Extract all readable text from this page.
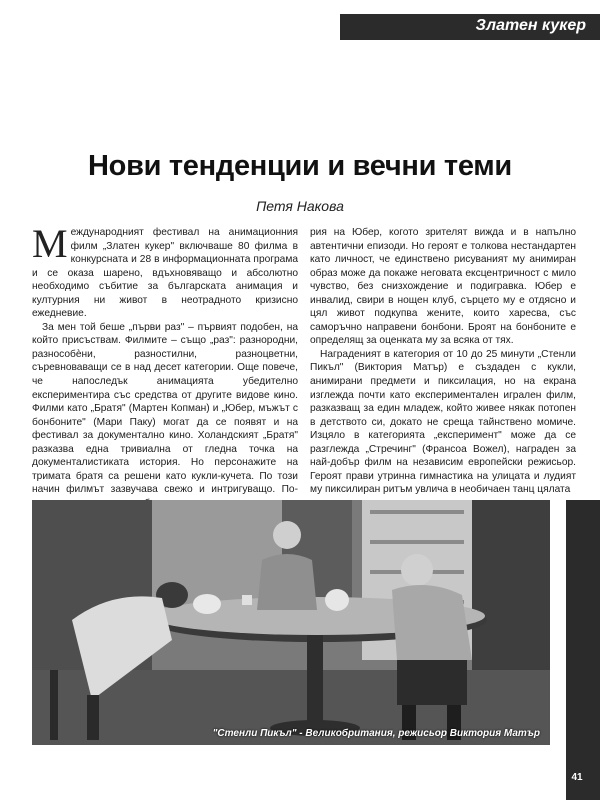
Златен кукер
Нови тенденции и вечни теми
Петя Накова

Международният фестивал на анимационния филм „Златен кукер" включваше 80 филма в конкурсната и 28 в информационната програма и се оказа шарено, вдъхновяващо и абсолютно необходимо събитие за българската анимация и културния ни живот в неотрадното кризисно ежедневие.

За мен той беше „първи раз" – първият подобен, на който присъствам. Филмите – също „раз": разнородни, разнособѐни, разностилни, разноцветни, съревноваващи се в над десет категории. Още повече, че напоследък анимацията убедително експериментира със средства от другите видове кино. Филми като „Братя" (Мартен Копман) и „Юбер, мъжът с бонбоните" (Мари Паку) могат да се появят и на фестивал за документално кино. Холандският „Братя" разказва една тривиална от гледна точка на документалистиката история. Но персонажите на тримата братя са решени като кукли-кучета. По този начин филмът зазвучава свежо и интригуващо. По-

рия на Юбер, когото зрителят вижда и в напълно автентични епизоди. Но героят е толкова нестандартен като личност, че единствено рисуваният му анимиран образ може да покаже неговата ексцентричност с мило чувство, без снизхождение и подигравка. Юбер е инвалид, свири в нощен клуб, сърцето му е отдясно и цял живот подкупва жените, които харесва, със саморъчно направени бонбони. Броят на бонбоните е определящ за оценката му за всяка от тях.

Награденият в категория от 10 до 25 минути „Стенли Пикъл" (Виктория Матър) е създаден с кукли, анимирани предмети и пиксилация, но на екрана изглежда почти като експериментален игрален филм, разказващ за един младеж, който живее някак потопен в детството си, докато не среща тайнствено момиче. Изцяло в категорията „експеримент" може да се разглежда „Стречинг" (Франсоа Вожел), награден за най-добър филм на независим европейски режисьор. Героят прави утринна гимнастика на улицата и лудият му пиксилиран ритъм увлича в необичаен танц цялата

"Стенли Пикъл" - Великобритания, режисьор Виктория Матър
41
